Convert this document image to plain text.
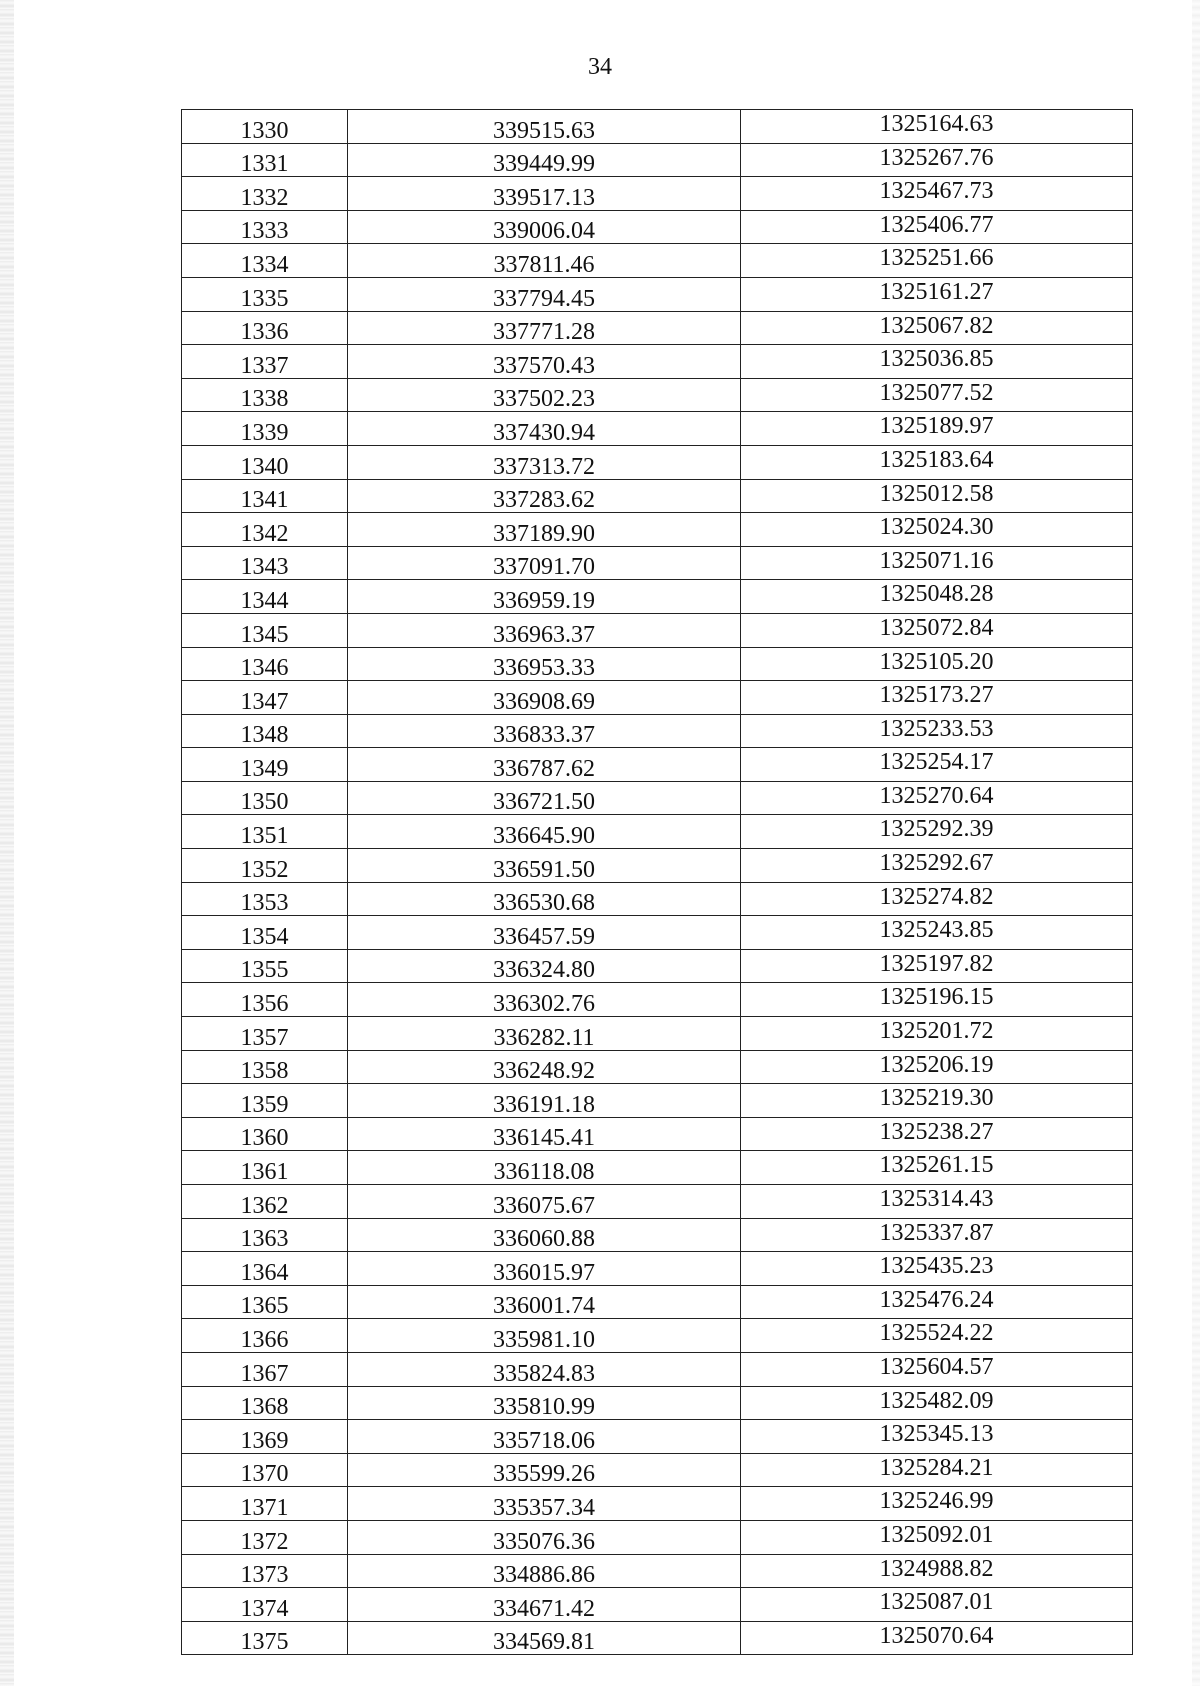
34
1330	339515.63	1325164.63
1331	339449.99	1325267.76
1332	339517.13	1325467.73
1333	339006.04	1325406.77
1334	337811.46	1325251.66
1335	337794.45	1325161.27
1336	337771.28	1325067.82
1337	337570.43	1325036.85
1338	337502.23	1325077.52
1339	337430.94	1325189.97
1340	337313.72	1325183.64
1341	337283.62	1325012.58
1342	337189.90	1325024.30
1343	337091.70	1325071.16
1344	336959.19	1325048.28
1345	336963.37	1325072.84
1346	336953.33	1325105.20
1347	336908.69	1325173.27
1348	336833.37	1325233.53
1349	336787.62	1325254.17
1350	336721.50	1325270.64
1351	336645.90	1325292.39
1352	336591.50	1325292.67
1353	336530.68	1325274.82
1354	336457.59	1325243.85
1355	336324.80	1325197.82
1356	336302.76	1325196.15
1357	336282.11	1325201.72
1358	336248.92	1325206.19
1359	336191.18	1325219.30
1360	336145.41	1325238.27
1361	336118.08	1325261.15
1362	336075.67	1325314.43
1363	336060.88	1325337.87
1364	336015.97	1325435.23
1365	336001.74	1325476.24
1366	335981.10	1325524.22
1367	335824.83	1325604.57
1368	335810.99	1325482.09
1369	335718.06	1325345.13
1370	335599.26	1325284.21
1371	335357.34	1325246.99
1372	335076.36	1325092.01
1373	334886.86	1324988.82
1374	334671.42	1325087.01
1375	334569.81	1325070.64
